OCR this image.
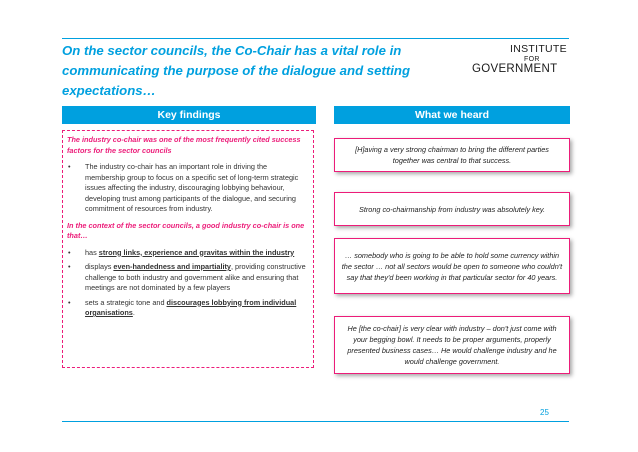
On the sector councils, the Co-Chair has a vital role in
communicating the purpose of the dialogue and setting
expectations…
INSTITUTE
FOR
GOVERNMENT
Key findings	What we heard

The industry co-chair was one of the most frequently cited success factors for the sector councils

• The industry co-chair has an important role in driving the membership group to focus on a specific set of long-term strategic issues affecting the industry, discouraging lobbying behaviour, developing trust among participants of the dialogue, and securing commitment of resources from industry.

In the context of the sector councils, a good industry co-chair is one that…

• has strong links, experience and gravitas within the industry

• displays even-handedness and impartiality, providing constructive challenge to both industry and government alike and ensuring that meetings are not dominated by a few players

• sets a strategic tone and discourages lobbying from individual organisations.

[H]aving a very strong chairman to bring the different parties together was central to that success.
Strong co-chairmanship from industry was absolutely key.
… somebody who is going to be able to hold some currency within the sector … not all sectors would be open to someone who couldn't say that they'd been working in that particular sector for 40 years.
He [the co-chair] is very clear with industry – don't just come with your begging bowl. It needs to be proper arguments, properly presented business cases… He would challenge industry and he would challenge government.
25
